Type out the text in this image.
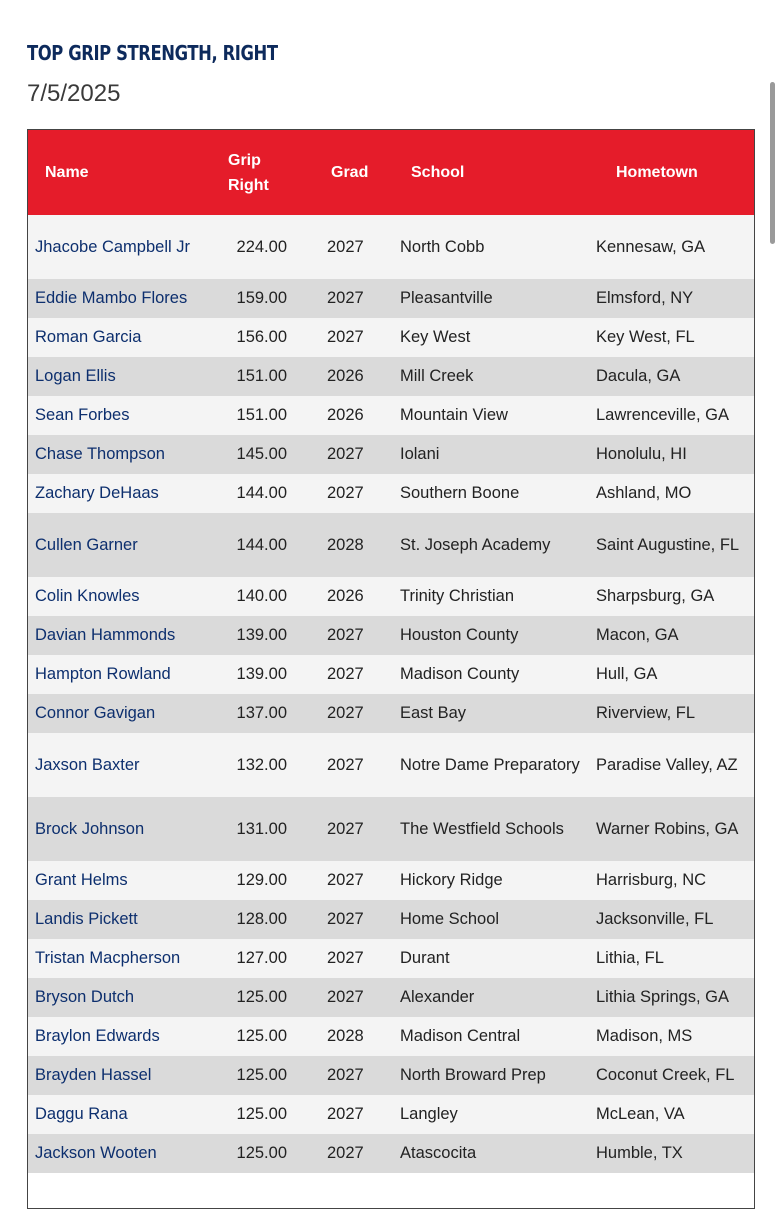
TOP GRIP STRENGTH, RIGHT
7/5/2025
Name	Grip Right	Grad	School	Hometown
Jhacobe Campbell Jr	224.00	2027	North Cobb	Kennesaw, GA
Eddie Mambo Flores	159.00	2027	Pleasantville	Elmsford, NY
Roman Garcia	156.00	2027	Key West	Key West, FL
Logan Ellis	151.00	2026	Mill Creek	Dacula, GA
Sean Forbes	151.00	2026	Mountain View	Lawrenceville, GA
Chase Thompson	145.00	2027	Iolani	Honolulu, HI
Zachary DeHaas	144.00	2027	Southern Boone	Ashland, MO
Cullen Garner	144.00	2028	St. Joseph Academy	Saint Augustine, FL
Colin Knowles	140.00	2026	Trinity Christian	Sharpsburg, GA
Davian Hammonds	139.00	2027	Houston County	Macon, GA
Hampton Rowland	139.00	2027	Madison County	Hull, GA
Connor Gavigan	137.00	2027	East Bay	Riverview, FL
Jaxson Baxter	132.00	2027	Notre Dame Preparatory	Paradise Valley, AZ
Brock Johnson	131.00	2027	The Westfield Schools	Warner Robins, GA
Grant Helms	129.00	2027	Hickory Ridge	Harrisburg, NC
Landis Pickett	128.00	2027	Home School	Jacksonville, FL
Tristan Macpherson	127.00	2027	Durant	Lithia, FL
Bryson Dutch	125.00	2027	Alexander	Lithia Springs, GA
Braylon Edwards	125.00	2028	Madison Central	Madison, MS
Brayden Hassel	125.00	2027	North Broward Prep	Coconut Creek, FL
Daggu Rana	125.00	2027	Langley	McLean, VA
Jackson Wooten	125.00	2027	Atascocita	Humble, TX
